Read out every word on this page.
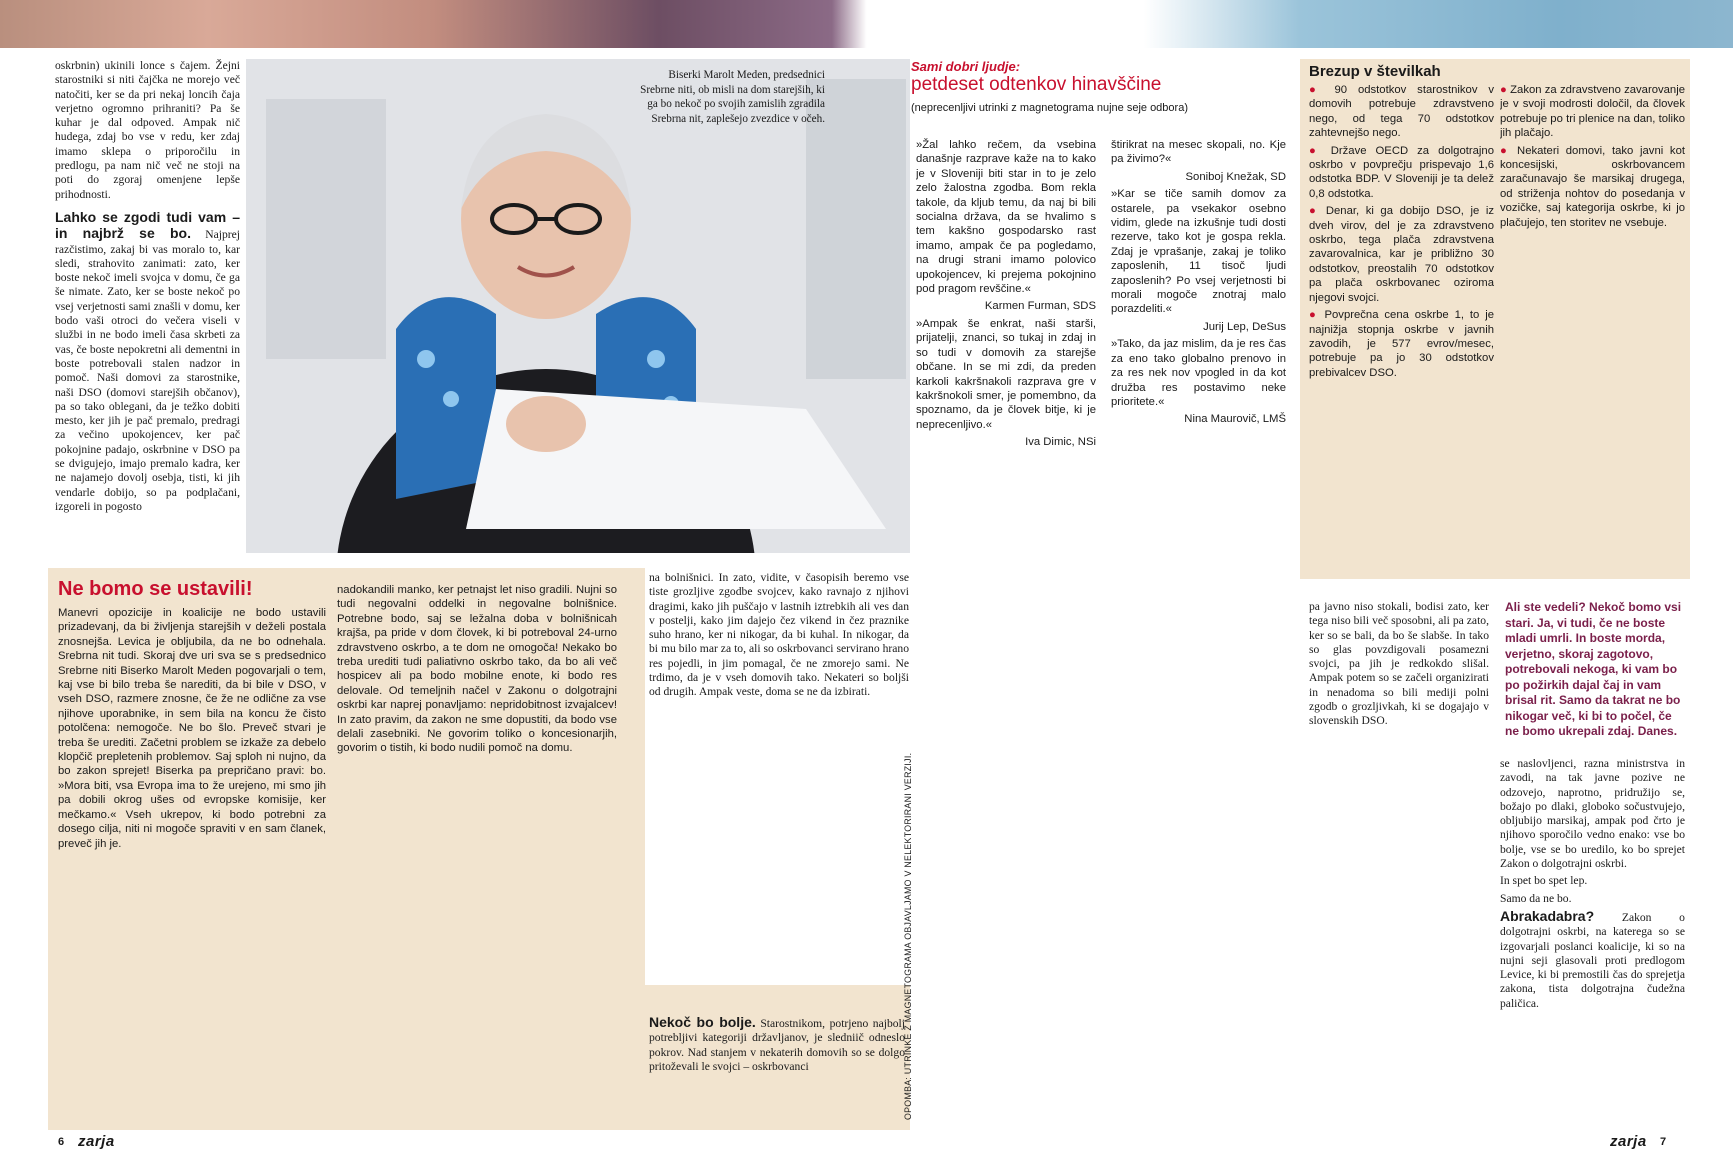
oskrbnin) ukinili lonce s čajem. Žejni starostniki si niti čajčka ne morejo več natočiti, ker se da pri nekaj loncih čaja verjetno ogromno prihraniti? Pa še kuhar je dal odpoved. Ampak nič hudega, zdaj bo vse v redu, ker zdaj imamo sklepa o priporočilu in predlogu, pa nam nič več ne stoji na poti do zgoraj omenjene lepše prihodnosti.

Lahko se zgodi tudi vam – in najbrž se bo. Najprej razčistimo, zakaj bi vas moralo to, kar sledi, strahovito zanimati: zato, ker boste nekoč imeli svojca v domu, če ga še nimate. Zato, ker se boste nekoč po vsej verjetnosti sami znašli v domu, ker bodo vaši otroci do večera viseli v službi in ne bodo imeli časa skrbeti za vas, če boste nepokretni ali dementni in boste potrebovali stalen nadzor in pomoč. Naši domovi za starostnike, naši DSO (domovi starejših občanov), pa so tako oblegani, da je težko dobiti mesto, ker jih je pač premalo, predragi za večino upokojencev, ker pač pokojnine padajo, oskrbnine v DSO pa se dvigujejo, imajo premalo kadra, ker ne najamejo dovolj osebja, tisti, ki jih vendarle dobijo, so pa podplačani, izgoreli in pogosto

Biserki Marolt Meden, predsednici Srebrne niti, ob misli na dom starejših, ki ga bo nekoč po svojih zamislih zgradila Srebrna nit, zaplešejo zvezdice v očeh.
Ne bomo se ustavili!

Manevri opozicije in koalicije ne bodo ustavili prizadevanj, da bi življenja starejših v deželi postala znosnejša. Levica je obljubila, da ne bo odnehala. Srebrna nit tudi. Skoraj dve uri sva se s predsednico Srebrne niti Biserko Marolt Meden pogovarjali o tem, kaj vse bi bilo treba še narediti, da bi bile v DSO, v vseh DSO, razmere znosne, če že ne odlične za vse njihove uporabnike, in sem bila na koncu že čisto potolčena: nemogoče. Ne bo šlo. Preveč stvari je treba še urediti. Začetni problem se izkaže za debelo klopčič prepletenih problemov. Saj sploh ni nujno, da bo zakon sprejet! Biserka pa prepričano pravi: bo. »Mora biti, vsa Evropa ima to že urejeno, mi smo jih pa dobili okrog ušes od evropske komisije, ker mečkamo.« Vseh ukrepov, ki bodo potrebni za dosego cilja, niti ni mogoče spraviti v en sam članek, preveč jih je.

nadokandili manko, ker petnajst let niso gradili. Nujni so tudi negovalni oddelki in negovalne bolnišnice. Potrebne bodo, saj se ležalna doba v bolnišnicah krajša, pa pride v dom človek, ki bi potreboval 24-urno zdravstveno oskrbo, a te dom ne omogoča! Nekako bo treba urediti tudi paliativno oskrbo tako, da bo ali več hospicev ali pa bodo mobilne enote, ki bodo res delovale. Od temeljnih načel v Zakonu o dolgotrajni oskrbi kar naprej ponavljamo: nepridobitnost izvajalcev! In zato pravim, da zakon ne sme dopustiti, da bodo vse delali zasebniki. Ne govorim tolikо o koncesionarjih, govorim o tistih, ki bodo nudili pomoč na domu.

na bolnišnici. In zato, vidite, v časopisih beremo vse tiste grozljive zgodbe svojcev, kako ravnajo z njihovi dragimi, kako jih puščajo v lastnih iztrebkih ali ves dan v postelji, kako jim dajejo čez vikend in čez praznike suho hrano, ker ni nikogar, da bi kuhal. In nikogar, da bi mu bilo mar za to, ali so oskrbovanci servirano hrano res pojedli, in jim pomagal, če ne zmorejo sami. Ne trdimo, da je v vseh domovih tako. Nekateri so boljši od drugih. Ampak veste, doma se ne da izbirati.

Nekoč bo bolje. Starostnikom, potrjeno najbolj potrebljivi kategoriji državljanov, je sledniič odneslo pokrov. Nad stanjem v nekaterih domovih so se dolgo pritoževali le svojci – oskrbovanci

6 zarja
Sami dobri ljudje:
petdeset odtenkov hinavščine
(neprecenljivi utrinki z magnetograma nujne seje odbora)

»Žal lahko rečem, da vsebina današnje razprave kaže na to kako je v Sloveniji biti star in to je zelo zelo žalostna zgodba. Bom rekla takole, da kljub temu, da naj bi bili socialna država, da se hvalimo s tem kakšno gospodarsko rast imamo, ampak če pa pogledamo, na drugi strani imamo polovico upokojencev, ki prejema pokojnino pod pragom revščine.«

Karmen Furman, SDS

»Ampak še enkrat, naši starši, prijatelji, znanci, so tukaj in zdaj in so tudi v domovih za starejše občane. In se mi zdi, da preden karkoli kakršnakoli razprava gre v kakršnokoli smer, je pomembno, da spoznamo, da je človek bitje, ki je neprecenljivo.«

Iva Dimic, NSi

štirikrat na mesec skopali, no. Kje pa živimo?«

Soniboj Knežak, SD

»Kar se tiče samih domov za ostarele, pa vsekakor osebno vidim, glede na izkušnje tudi dosti rezerve, tako kot je gospa rekla. Zdaj je vprašanje, zakaj je toliko zaposlenih, 11 tisoč ljudi zaposlenih? Po vsej verjetnosti bi morali mogoče znotraj malo porazdeliti.«

Jurij Lep, DeSus

»Tako, da jaz mislim, da je res čas za eno tako globalno prenovo in za res nek nov vpogled in da kot družba res postavimo neke prioritete.«

Nina Maurovič, LMŠ

OPOMBA: UTRINKE Z MAGNETOGRAMA OBJAVLJAMO V NELEKTORIRANI VERZIJI.
Brezup v številkah

● 90 odstotkov starostnikov v domovih potrebuje zdravstveno nego, od tega 70 odstotkov zahtevnejšo nego.

● Države OECD za dolgotrajno oskrbo v povprečju prispevajo 1,6 odstotka BDP. V Sloveniji je ta delež 0,8 odstotka.

● Denar, ki ga dobijo DSO, je iz dveh virov, del je za zdravstveno oskrbo, tega plača zdravstvena zavarovalnica, kar je približno 30 odstotkov, preostalih 70 odstotkov pa plača oskrbovanec oziroma njegovi svojci.

● Povprečna cena oskrbe 1, to je najnižja stopnja oskrbe v javnih zavodih, je 577 evrov/mesec, potrebuje pa jo 30 odstotkov prebivalcev DSO.

● Zakon za zdravstveno zavarovanje je v svoji modrosti določil, da človek potrebuje po tri plenice na dan, toliko jih plačajo.

● Nekateri domovi, tako javni kot koncesijski, oskrbovancem zaračunavajo še marsikaj drugega, od striženja nohtov do posedanja v vozičkе, saj kategorija oskrbe, ki jo plačujejo, ten storitev ne vsebuje.

Ali ste vedeli? Nekoč bomo vsi stari. Ja, vi tudi, če ne boste mladi umrli. In boste morda, verjetno, skoraj zagotovo, potrebovali nekoga, ki vam bo po požirkih dajal čaj in vam brisal rit. Samo da takrat ne bo nikogar več, ki bi to počel, če ne bomo ukrepali zdaj. Danes.

pa javno niso stokali, bodisi zato, ker tega niso bili več sposobni, ali pa zato, ker so se bali, da bo še slabše. In tako so glas povzdigovali posamezni svojci, pa jih je redkokdo slišal. Ampak potem so se začeli organizirati in nenadoma so bili mediji polni zgodb o grozljivkah, ki se dogajajo v slovenskih DSO.

se naslovljenci, razna ministrstva in zavodi, na tak javne pozive ne odzovejo, naprotno, pridružijo se, božajo po dlaki, globoko sočustvujejo, obljubijo marsikaj, ampak pod črto je njihovo sporočilo vedno enako: vse bo bolje, vse se bo uredilo, ko bo sprejet Zakon o dolgotrajni oskrbi.

In spet bo spet lep.

Samo da ne bo.

Abrakadabra? Zakon o dolgotrajni oskrbi, na katerega so se izgovarjali poslanci koalicije, ki so na nujni seji glasovali proti predlogom Levice, ki bi premostili čas do sprejetja zakona, tista dolgotrajna čudežna paličica.

zarja 7
